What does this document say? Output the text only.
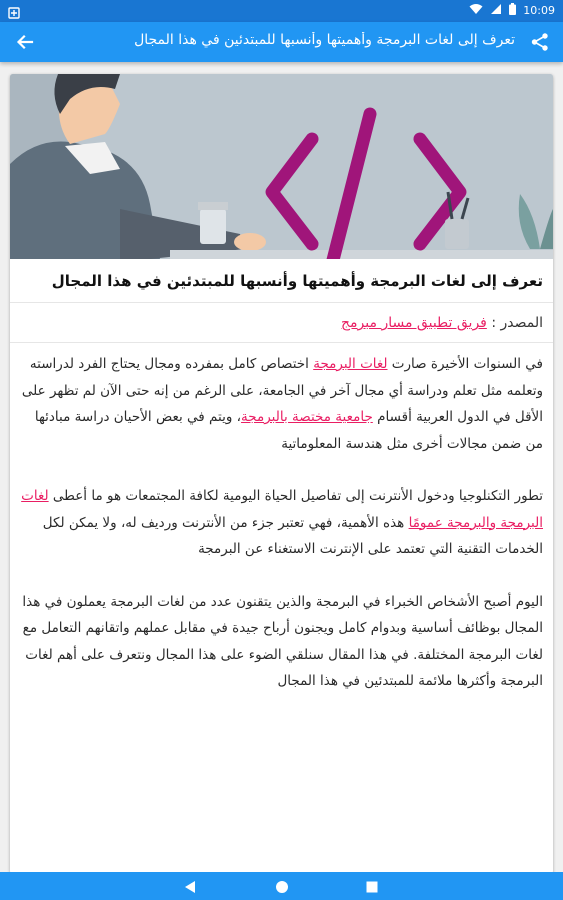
10:09
تعرف إلى لغات البرمجة وأهميتها وأنسبها للمبتدئين في هذا المجال
تعرف إلى لغات البرمجة وأهميتها وأنسبها للمبتدئين في هذا المجال
المصدر : فريق تطبيق مسار مبرمج

في السنوات الأخيرة صارت لغات البرمجة اختصاص كامل بمفرده ومجال يحتاج الفرد لدراسته وتعلمه مثل تعلم ودراسة أي مجال آخر في الجامعة، على الرغم من إنه حتى الآن لم تظهر على الأقل في الدول العربية أقسام جامعية مختصة بالبرمجة، ويتم في بعض الأحيان دراسة مبادئها من ضمن مجالات أخرى مثل هندسة المعلوماتية

تطور التكنلوجيا ودخول الأنترنت إلى تفاصيل الحياة اليومية لكافة المجتمعات هو ما أعطى لغات البرمجة والبرمجة عمومًا هذه الأهمية، فهي تعتبر جزء من الأنترنت ورديف له، ولا يمكن لكل الخدمات التقنية التي تعتمد على الإنترنت الاستغناء عن البرمجة

اليوم أصبح الأشخاص الخبراء في البرمجة والذين يتقنون عدد من لغات البرمجة يعملون في هذا المجال بوظائف أساسية وبدوام كامل ويجنون أرباح جيدة في مقابل عملهم واتقانهم التعامل مع لغات البرمجة المختلفة. في هذا المقال سنلقي الضوء على هذا المجال ونتعرف على أهم لغات البرمجة وأكثرها ملائمة للمبتدئين في هذا المجال
